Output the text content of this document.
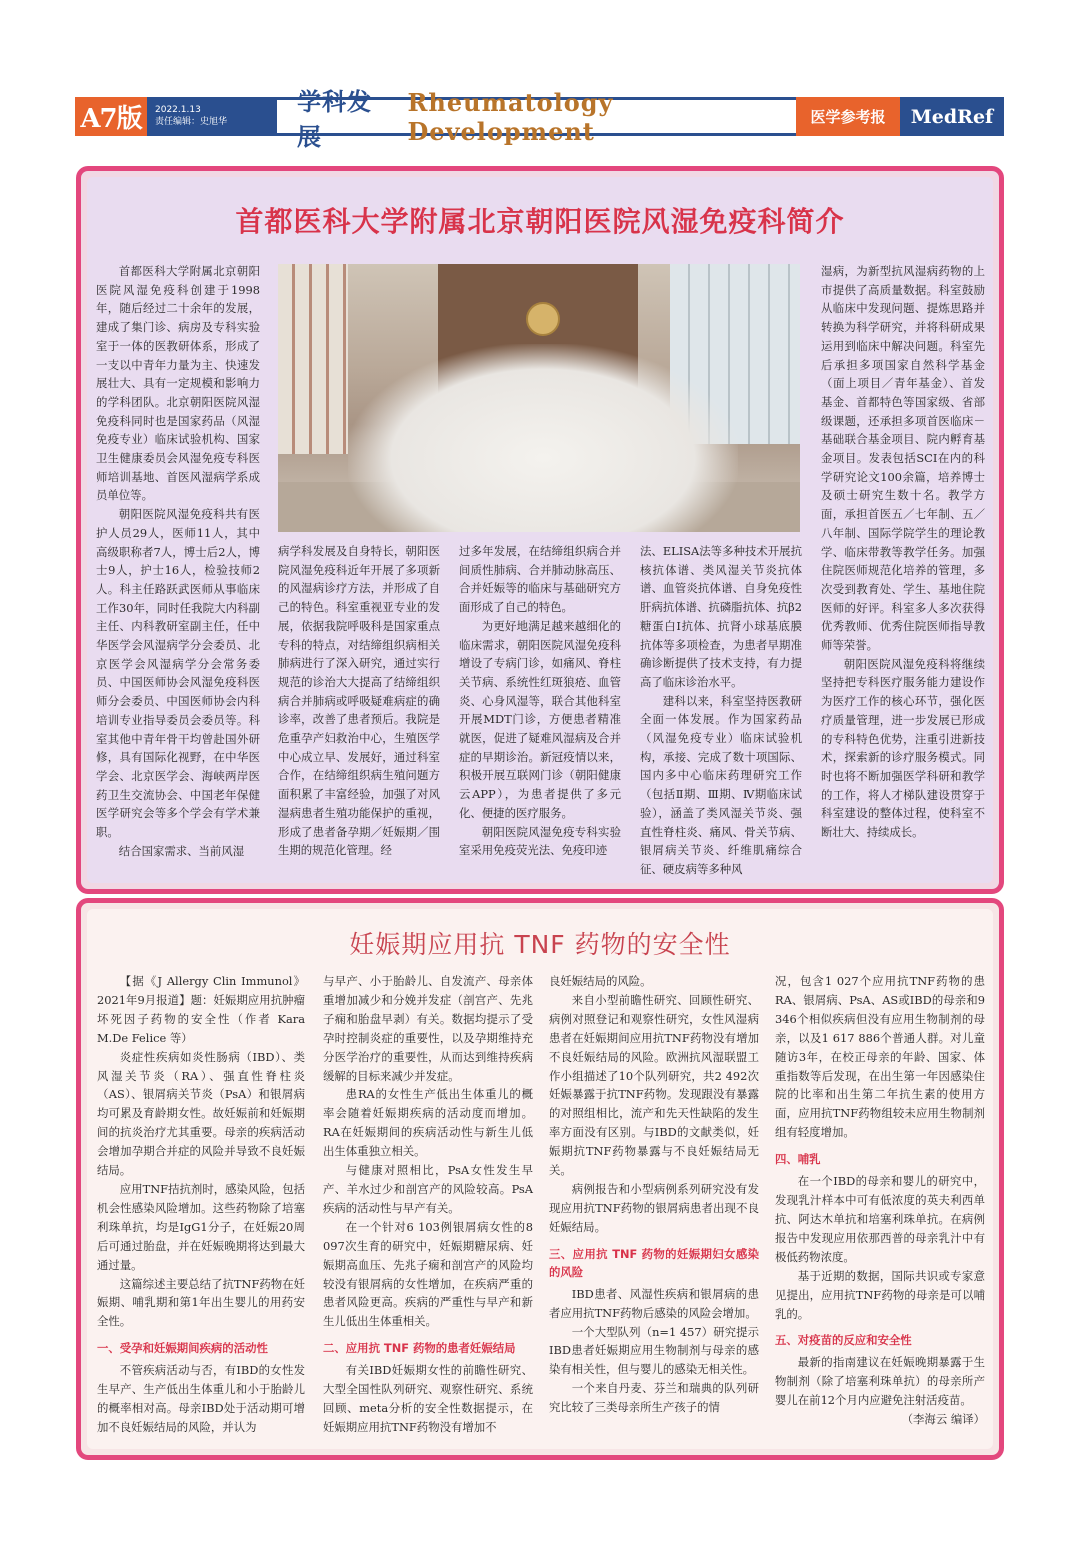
A7版	2022.1.13
责任编辑：史旭华
学科发展
Rheumatology Development	医学参考报	MedRef
首都医科大学附属北京朝阳医院风湿免疫科简介

首都医科大学附属北京朝阳医院风湿免疫科创建于1998年，随后经过二十余年的发展，建成了集门诊、病房及专科实验室于一体的医教研体系，形成了一支以中青年力量为主、快速发展壮大、具有一定规模和影响力的学科团队。北京朝阳医院风湿免疫科同时也是国家药品（风湿免疫专业）临床试验机构、国家卫生健康委员会风湿免疫专科医师培训基地、首医风湿病学系成员单位等。

朝阳医院风湿免疫科共有医护人员29人，医师11人，其中高级职称者7人，博士后2人，博士9人，护士16人，检验技师2人。科主任路跃武医师从事临床工作30年，同时任我院大内科副主任、内科教研室副主任，任中华医学会风湿病学分会委员、北京医学会风湿病学分会常务委员、中国医师协会风湿免疫科医师分会委员、中国医师协会内科培训专业指导委员会委员等。科室其他中青年骨干均曾赴国外研修，具有国际化视野，在中华医学会、北京医学会、海峡两岸医药卫生交流协会、中国老年保健医学研究会等多个学会有学术兼职。

结合国家需求、当前风湿

病学科发展及自身特长，朝阳医院风湿免疫科近年开展了多项新的风湿病诊疗方法，并形成了自己的特色。科室重视亚专业的发展，依据我院呼吸科是国家重点专科的特点，对结缔组织病相关肺病进行了深入研究，通过实行规范的诊治大大提高了结缔组织病合并肺病或呼吸疑难病症的确诊率，改善了患者预后。我院是危重孕产妇救治中心，生殖医学中心成立早、发展好，通过科室合作，在结缔组织病生殖问题方面积累了丰富经验，加强了对风湿病患者生殖功能保护的重视，形成了患者备孕期／妊娠期／围生期的规范化管理。经

过多年发展，在结缔组织病合并间质性肺病、合并肺动脉高压、合并妊娠等的临床与基础研究方面形成了自己的特色。

为更好地满足越来越细化的临床需求，朝阳医院风湿免疫科增设了专病门诊，如痛风、脊柱关节病、系统性红斑狼疮、血管炎、心身风湿等，联合其他科室开展MDT门诊，方便患者精准就医，促进了疑难风湿病及合并症的早期诊治。新冠疫情以来，积极开展互联网门诊（朝阳健康云APP），为患者提供了多元化、便捷的医疗服务。

朝阳医院风湿免疫专科实验室采用免疫荧光法、免疫印迹

法、ELISA法等多种技术开展抗核抗体谱、类风湿关节炎抗体谱、血管炎抗体谱、自身免疫性肝病抗体谱、抗磷脂抗体、抗β2糖蛋白Ⅰ抗体、抗肾小球基底膜抗体等多项检查，为患者早期准确诊断提供了技术支持，有力提高了临床诊治水平。

建科以来，科室坚持医教研全面一体发展。作为国家药品（风湿免疫专业）临床试验机构，承接、完成了数十项国际、国内多中心临床药理研究工作（包括Ⅱ期、Ⅲ期、Ⅳ期临床试验），涵盖了类风湿关节炎、强直性脊柱炎、痛风、骨关节病、银屑病关节炎、纤维肌痛综合征、硬皮病等多种风

湿病，为新型抗风湿病药物的上市提供了高质量数据。科室鼓励从临床中发现问题、提炼思路并转换为科学研究，并将科研成果运用到临床中解决问题。科室先后承担多项国家自然科学基金（面上项目／青年基金）、首发基金、首都特色等国家级、省部级课题，还承担多项首医临床－基础联合基金项目、院内孵育基金项目。发表包括SCI在内的科学研究论文100余篇，培养博士及硕士研究生数十名。教学方面，承担首医五／七年制、五／八年制、国际学院学生的理论教学、临床带教等教学任务。加强住院医师规范化培养的管理，多次受到教育处、学生、基地住院医师的好评。科室多人多次获得优秀教师、优秀住院医师指导教师等荣誉。

朝阳医院风湿免疫科将继续坚持把专科医疗服务能力建设作为医疗工作的核心环节，强化医疗质量管理，进一步发展已形成的专科特色优势，注重引进新技术，探索新的诊疗服务模式。同时也将不断加强医学科研和教学的工作，将人才梯队建设贯穿于科室建设的整体过程，使科室不断壮大、持续成长。

妊娠期应用抗 TNF 药物的安全性

【据《J Allergy Clin Immunol》2021年9月报道】题：妊娠期应用抗肿瘤坏死因子药物的安全性（作者 Kara M.De Felice 等）

炎症性疾病如炎性肠病（IBD）、类风湿关节炎（RA）、强直性脊柱炎（AS）、银屑病关节炎（PsA）和银屑病均可累及育龄期女性。故妊娠前和妊娠期间的抗炎治疗尤其重要。母亲的疾病活动会增加孕期合并症的风险并导致不良妊娠结局。

应用TNF拮抗剂时，感染风险，包括机会性感染风险增加。这些药物除了培塞利珠单抗，均是IgG1分子，在妊娠20周后可通过胎盘，并在妊娠晚期将达到最大通过量。

这篇综述主要总结了抗TNF药物在妊娠期、哺乳期和第1年出生婴儿的用药安全性。

一、受孕和妊娠期间疾病的活动性

不管疾病活动与否，有IBD的女性发生早产、生产低出生体重儿和小于胎龄儿的概率相对高。母亲IBD处于活动期可增加不良妊娠结局的风险，并认为

与早产、小于胎龄儿、自发流产、母亲体重增加减少和分娩并发症（剖宫产、先兆子痫和胎盘早剥）有关。数据均提示了受孕时控制炎症的重要性，以及孕期维持充分医学治疗的重要性，从而达到维持疾病缓解的目标来减少并发症。

患RA的女性生产低出生体重儿的概率会随着妊娠期疾病的活动度而增加。RA在妊娠期间的疾病活动性与新生儿低出生体重独立相关。

与健康对照相比，PsA女性发生早产、羊水过少和剖宫产的风险较高。PsA疾病的活动性与早产有关。

在一个针对6 103例银屑病女性的8 097次生育的研究中，妊娠期糖尿病、妊娠期高血压、先兆子痫和剖宫产的风险均较没有银屑病的女性增加，在疾病严重的患者风险更高。疾病的严重性与早产和新生儿低出生体重相关。

二、应用抗 TNF 药物的患者妊娠结局

有关IBD妊娠期女性的前瞻性研究、大型全国性队列研究、观察性研究、系统回顾、meta分析的安全性数据提示，在妊娠期应用抗TNF药物没有增加不

良妊娠结局的风险。

来自小型前瞻性研究、回顾性研究、病例对照登记和观察性研究，女性风湿病患者在妊娠期间应用抗TNF药物没有增加不良妊娠结局的风险。欧洲抗风湿联盟工作小组描述了10个队列研究，共2 492次妊娠暴露于抗TNF药物。发现跟没有暴露的对照组相比，流产和先天性缺陷的发生率方面没有区别。与IBD的文献类似，妊娠期抗TNF药物暴露与不良妊娠结局无关。

病例报告和小型病例系列研究没有发现应用抗TNF药物的银屑病患者出现不良妊娠结局。

三、应用抗 TNF 药物的妊娠期妇女感染的风险

IBD患者、风湿性疾病和银屑病的患者应用抗TNF药物后感染的风险会增加。

一个大型队列（n=1 457）研究提示IBD患者妊娠期应用生物制剂与母亲的感染有相关性，但与婴儿的感染无相关性。

一个来自丹麦、芬兰和瑞典的队列研究比较了三类母亲所生产孩子的情

况，包含1 027个应用抗TNF药物的患RA、银屑病、PsA、AS或IBD的母亲和9 346个相似疾病但没有应用生物制剂的母亲，以及1 617 886个普通人群。对儿童随访3年，在校正母亲的年龄、国家、体重指数等后发现，在出生第一年因感染住院的比率和出生第二年抗生素的使用方面，应用抗TNF药物组较未应用生物制剂组有轻度增加。

四、哺乳

在一个IBD的母亲和婴儿的研究中，发现乳汁样本中可有低浓度的英夫利西单抗、阿达木单抗和培塞利珠单抗。在病例报告中发现应用依那西普的母亲乳汁中有极低药物浓度。

基于近期的数据，国际共识或专家意见提出，应用抗TNF药物的母亲是可以哺乳的。

五、对疫苗的反应和安全性

最新的指南建议在妊娠晚期暴露于生物制剂（除了培塞利珠单抗）的母亲所产婴儿在前12个月内应避免注射活疫苗。

（李海云 编译）
